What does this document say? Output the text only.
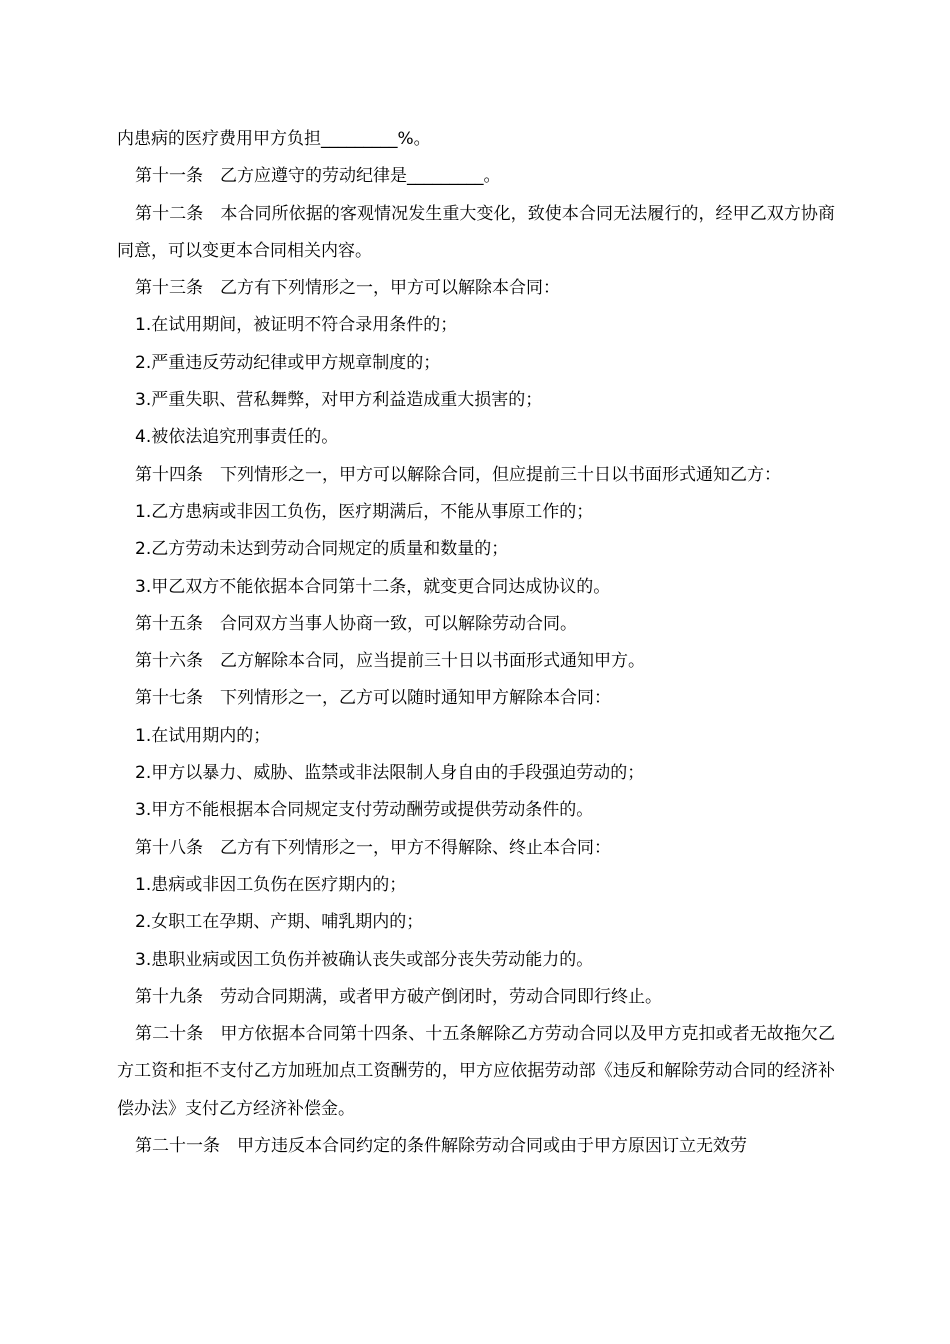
内患病的医疗费用甲方负担_________%。

第十一条　乙方应遵守的劳动纪律是_________。

第十二条　本合同所依据的客观情况发生重大变化，致使本合同无法履行的，经甲乙双方协商同意，可以变更本合同相关内容。

第十三条　乙方有下列情形之一，甲方可以解除本合同：

1.在试用期间，被证明不符合录用条件的；

2.严重违反劳动纪律或甲方规章制度的；

3.严重失职、营私舞弊，对甲方利益造成重大损害的；

4.被依法追究刑事责任的。

第十四条　下列情形之一，甲方可以解除合同，但应提前三十日以书面形式通知乙方：

1.乙方患病或非因工负伤，医疗期满后，不能从事原工作的；

2.乙方劳动未达到劳动合同规定的质量和数量的；

3.甲乙双方不能依据本合同第十二条，就变更合同达成协议的。

第十五条　合同双方当事人协商一致，可以解除劳动合同。

第十六条　乙方解除本合同，应当提前三十日以书面形式通知甲方。

第十七条　下列情形之一，乙方可以随时通知甲方解除本合同：

1.在试用期内的；

2.甲方以暴力、威胁、监禁或非法限制人身自由的手段强迫劳动的；

3.甲方不能根据本合同规定支付劳动酬劳或提供劳动条件的。

第十八条　乙方有下列情形之一，甲方不得解除、终止本合同：

1.患病或非因工负伤在医疗期内的；

2.女职工在孕期、产期、哺乳期内的；

3.患职业病或因工负伤并被确认丧失或部分丧失劳动能力的。

第十九条　劳动合同期满，或者甲方破产倒闭时，劳动合同即行终止。

第二十条　甲方依据本合同第十四条、十五条解除乙方劳动合同以及甲方克扣或者无故拖欠乙方工资和拒不支付乙方加班加点工资酬劳的，甲方应依据劳动部《违反和解除劳动合同的经济补偿办法》支付乙方经济补偿金。

第二十一条　甲方违反本合同约定的条件解除劳动合同或由于甲方原因订立无效劳
